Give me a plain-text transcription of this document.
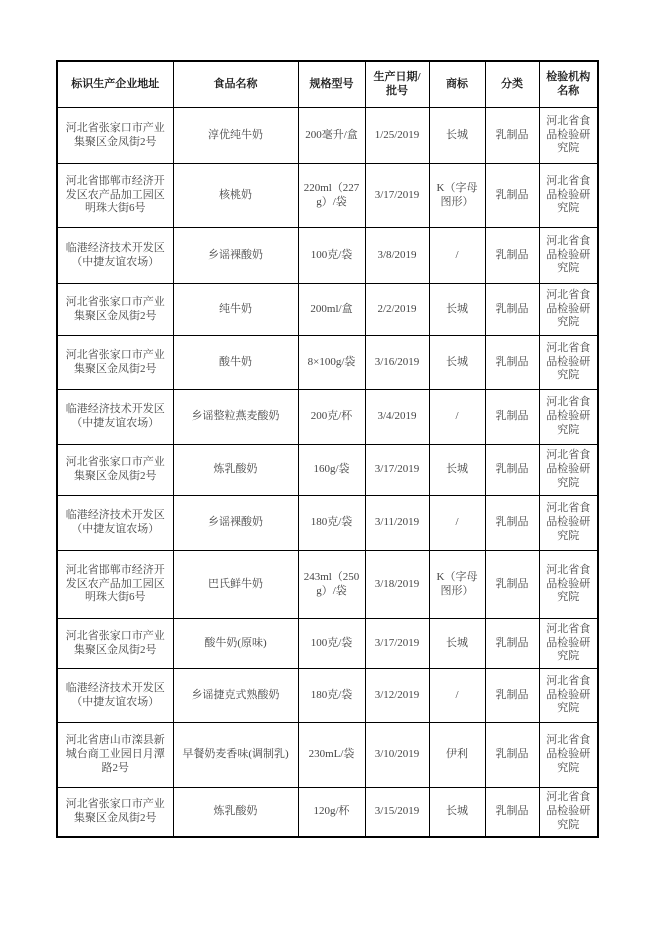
标识生产企业地址	食品名称	规格型号	生产日期/批号	商标	分类	检验机构名称
河北省张家口市产业集聚区金凤街2号	淳优纯牛奶	200毫升/盒	1/25/2019	长城	乳制品	河北省食品检验研究院
河北省邯郸市经济开发区农产品加工园区明珠大街6号	核桃奶	220ml（227g）/袋	3/17/2019	K（字母图形）	乳制品	河北省食品检验研究院
临港经济技术开发区（中捷友谊农场）	乡谣裸酸奶	100克/袋	3/8/2019	/	乳制品	河北省食品检验研究院
河北省张家口市产业集聚区金凤街2号	纯牛奶	200ml/盒	2/2/2019	长城	乳制品	河北省食品检验研究院
河北省张家口市产业集聚区金凤街2号	酸牛奶	8×100g/袋	3/16/2019	长城	乳制品	河北省食品检验研究院
临港经济技术开发区（中捷友谊农场）	乡谣整粒燕麦酸奶	200克/杯	3/4/2019	/	乳制品	河北省食品检验研究院
河北省张家口市产业集聚区金凤街2号	炼乳酸奶	160g/袋	3/17/2019	长城	乳制品	河北省食品检验研究院
临港经济技术开发区（中捷友谊农场）	乡谣裸酸奶	180克/袋	3/11/2019	/	乳制品	河北省食品检验研究院
河北省邯郸市经济开发区农产品加工园区明珠大街6号	巴氏鲜牛奶	243ml（250g）/袋	3/18/2019	K（字母图形）	乳制品	河北省食品检验研究院
河北省张家口市产业集聚区金凤街2号	酸牛奶(原味)	100克/袋	3/17/2019	长城	乳制品	河北省食品检验研究院
临港经济技术开发区（中捷友谊农场）	乡谣捷克式熟酸奶	180克/袋	3/12/2019	/	乳制品	河北省食品检验研究院
河北省唐山市滦县新城台商工业园日月潭路2号	早餐奶麦香味(调制乳)	230mL/袋	3/10/2019	伊利	乳制品	河北省食品检验研究院
河北省张家口市产业集聚区金凤街2号	炼乳酸奶	120g/杯	3/15/2019	长城	乳制品	河北省食品检验研究院
